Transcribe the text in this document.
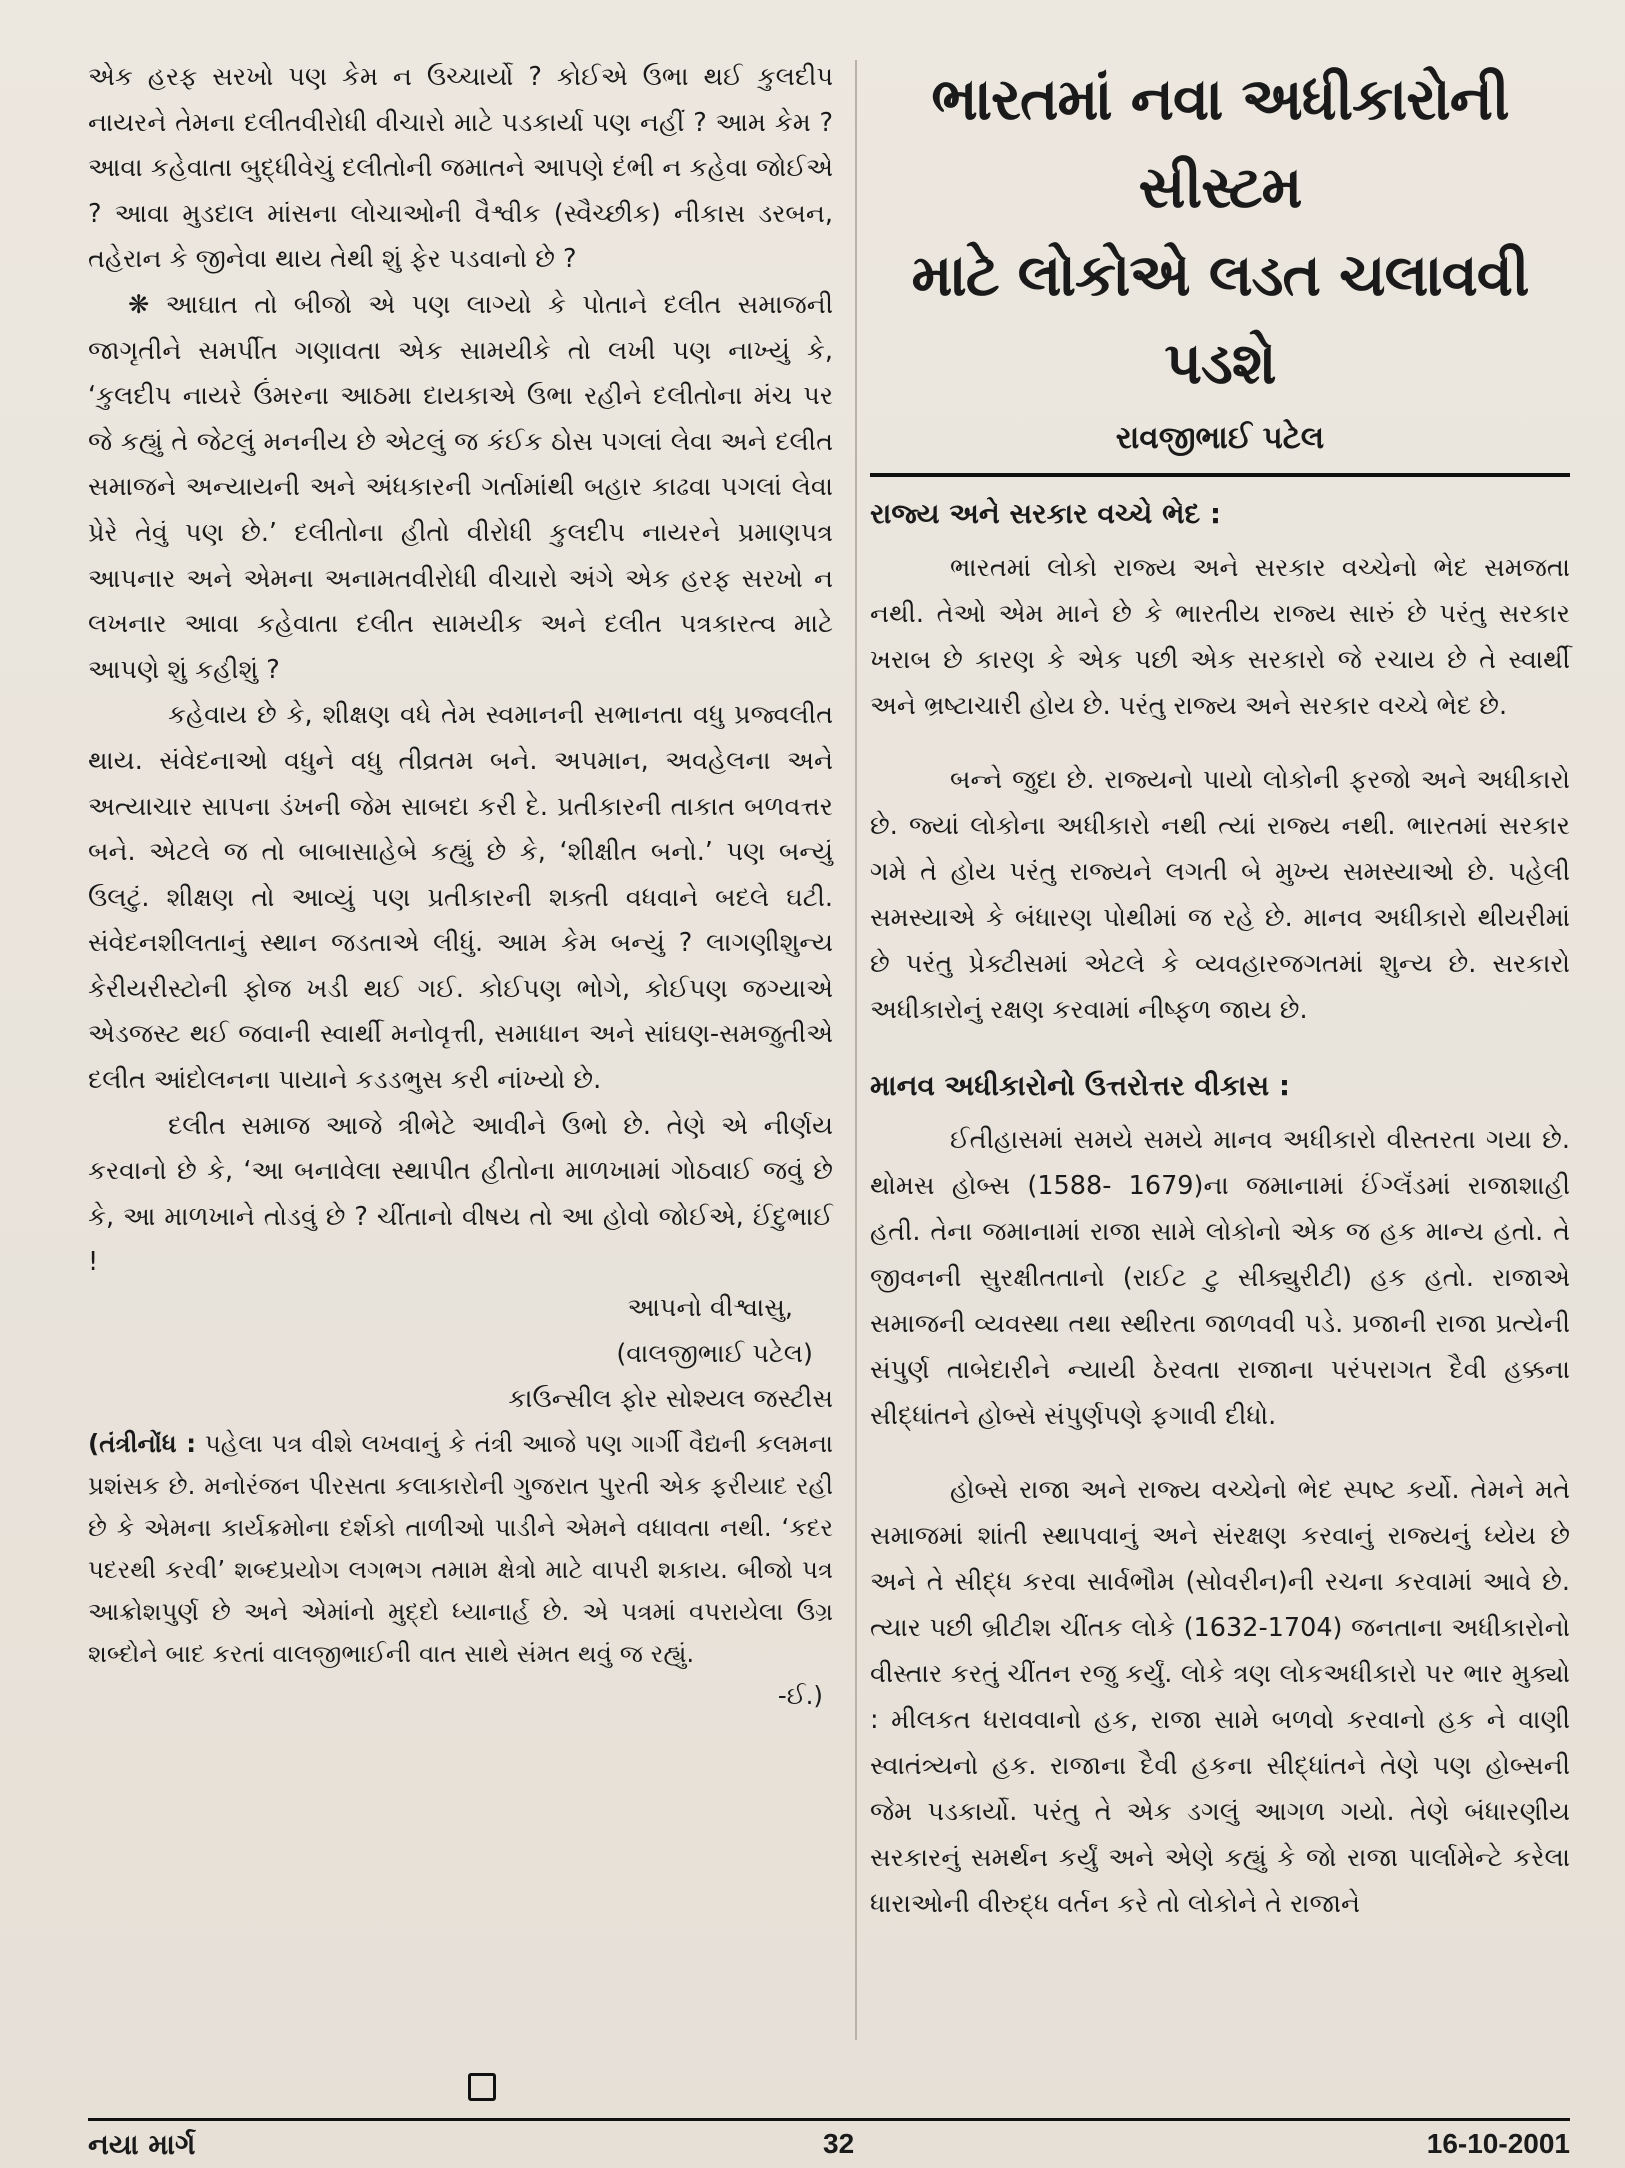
એક હરફ સરખો પણ કેમ ન ઉચ્ચાર્યો ? કોઈએ ઉભા થઈ કુલદીપ નાયરને તેમના દલીતવીરોધી વીચારો માટે પડકાર્યા પણ નહીં ? આમ કેમ ? આવા કહેવાતા બુદ્ધીવેચું દલીતોની જમાતને આપણે દંભી ન કહેવા જોઈએ ? આવા મુડદાલ માંસના લોચાઓની વૈશ્વીક (સ્વૈચ્છીક) નીકાસ ડરબન, તહેરાન કે જીનેવા થાય તેથી શું ફેર પડવાનો છે ?

❋ આઘાત તો બીજો એ પણ લાગ્યો કે પોતાને દલીત સમાજની જાગૃતીને સમર્પીત ગણાવતા એક સામયીકે તો લખી પણ નાખ્યું કે, ‘કુલદીપ નાયરે ઉંમરના આઠમા દાયકાએ ઉભા રહીને દલીતોના મંચ પર જે કહ્યું તે જેટલું મનનીય છે એટલું જ કંઈક ઠોસ પગલાં લેવા અને દલીત સમાજને અન્યાયની અને અંધકારની ગર્તામાંથી બહાર કાઢવા પગલાં લેવા પ્રેરે તેવું પણ છે.’ દલીતોના હીતો વીરોધી કુલદીપ નાયરને પ્રમાણપત્ર આપનાર અને એમના અનામતવીરોધી વીચારો અંગે એક હરફ સરખો ન લખનાર આવા કહેવાતા દલીત સામયીક અને દલીત પત્રકારત્વ માટે આપણે શું કહીશું ?

કહેવાય છે કે, શીક્ષણ વધે તેમ સ્વમાનની સભાનતા વધુ પ્રજ્વલીત થાય. સંવેદનાઓ વધુને વધુ તીવ્રતમ બને. અપમાન, અવહેલના અને અત્યાચાર સાપના ડંખની જેમ સાબદા કરી દે. પ્રતીકારની તાકાત બળવત્તર બને. એટલે જ તો બાબાસાહેબે કહ્યું છે કે, ‘શીક્ષીત બનો.’ પણ બન્યું ઉલટું. શીક્ષણ તો આવ્યું પણ પ્રતીકારની શક્તી વધવાને બદલે ઘટી. સંવેદનશીલતાનું સ્થાન જડતાએ લીધું. આમ કેમ બન્યું ? લાગણીશુન્ય કેરીયરીસ્ટોની ફોજ ખડી થઈ ગઈ. કોઈપણ ભોગે, કોઈપણ જગ્યાએ એડજસ્ટ થઈ જવાની સ્વાર્થી મનોવૃત્તી, સમાધાન અને સાંઘણ-સમજુતીએ દલીત આંદોલનના પાયાને કડડભુસ કરી નાંખ્યો છે.

દલીત સમાજ આજે ત્રીભેટે આવીને ઉભો છે. તેણે એ નીર્ણય કરવાનો છે કે, ‘આ બનાવેલા સ્થાપીત હીતોના માળખામાં ગોઠવાઈ જવું છે કે, આ માળખાને તોડવું છે ? ચીંતાનો વીષય તો આ હોવો જોઈએ, ઈંદુભાઈ !

આપનો વીશ્વાસુ,

(વાલજીભાઈ પટેલ)

કાઉન્સીલ ફોર સોશ્યલ જસ્ટીસ

(તંત્રીનોંધ : પહેલા પત્ર વીશે લખવાનું કે તંત્રી આજે પણ ગાર્ગી વૈદ્યની કલમના પ્રશંસક છે. મનોરંજન પીરસતા કલાકારોની ગુજરાત પુરતી એક ફરીયાદ રહી છે કે એમના કાર્યક્રમોના દર્શકો તાળીઓ પાડીને એમને વધાવતા નથી. ‘કદર પદરથી કરવી’ શબ્દપ્રયોગ લગભગ તમામ ક્ષેત્રો માટે વાપરી શકાય. બીજો પત્ર આક્રોશપુર્ણ છે અને એમાંનો મુદ્દો ધ્યાનાર્હ છે. એ પત્રમાં વપરાયેલા ઉગ્ર શબ્દોને બાદ કરતાં વાલજીભાઈની વાત સાથે સંમત થવું જ રહ્યું.

-ઈ.)

ભારતમાં નવા અધીકારોની સીસ્ટમ
માટે લોકોએ લડત ચલાવવી પડશે
રાવજીભાઈ પટેલ
રાજ્ય અને સરકાર વચ્ચે ભેદ :

ભારતમાં લોકો રાજ્ય અને સરકાર વચ્ચેનો ભેદ સમજતા નથી. તેઓ એમ માને છે કે ભારતીય રાજ્ય સારું છે પરંતુ સરકાર ખરાબ છે કારણ કે એક પછી એક સરકારો જે રચાય છે તે સ્વાર્થી અને ભ્રષ્ટાચારી હોય છે. પરંતુ રાજ્ય અને સરકાર વચ્ચે ભેદ છે.

બન્ને જુદા છે. રાજ્યનો પાયો લોકોની ફરજો અને અધીકારો છે. જ્યાં લોકોના અધીકારો નથી ત્યાં રાજ્ય નથી. ભારતમાં સરકાર ગમે તે હોય પરંતુ રાજ્યને લગતી બે મુખ્ય સમસ્યાઓ છે. પહેલી સમસ્યાએ કે બંધારણ પોથીમાં જ રહે છે. માનવ અધીકારો થીયરીમાં છે પરંતુ પ્રેક્ટીસમાં એટલે કે વ્યવહારજગતમાં શુન્ય છે. સરકારો અધીકારોનું રક્ષણ કરવામાં નીષ્ફળ જાય છે.

માનવ અધીકારોનો ઉત્તરોત્તર વીકાસ :

ઈતીહાસમાં સમયે સમયે માનવ અધીકારો વીસ્તરતા ગયા છે. થોમસ હોબ્સ (1588- 1679)ના જમાનામાં ઈંગ્લૅંડમાં રાજાશાહી હતી. તેના જમાનામાં રાજા સામે લોકોનો એક જ હક માન્ય હતો. તે જીવનની સુરક્ષીતતાનો (રાઈટ ટુ સીક્યુરીટી) હક હતો. રાજાએ સમાજની વ્યવસ્થા તથા સ્થીરતા જાળવવી પડે. પ્રજાની રાજા પ્રત્યેની સંપુર્ણ તાબેદારીને ન્યાયી ઠેરવતા રાજાના પરંપરાગત દૈવી હક્કના સીદ્ધાંતને હોબ્સે સંપુર્ણપણે ફગાવી દીધો.

હોબ્સે રાજા અને રાજ્ય વચ્ચેનો ભેદ સ્પષ્ટ કર્યો. તેમને મતે સમાજમાં શાંતી સ્થાપવાનું અને સંરક્ષણ કરવાનું રાજ્યનું ધ્યેય છે અને તે સીદ્ધ કરવા સાર્વભૌમ (સોવરીન)ની રચના કરવામાં આવે છે. ત્યાર પછી બ્રીટીશ ચીંતક લોકે (1632-1704) જનતાના અધીકારોનો વીસ્તાર કરતું ચીંતન રજુ કર્યું. લોકે ત્રણ લોકઅધીકારો પર ભાર મુક્યો : મીલકત ધરાવવાનો હક, રાજા સામે બળવો કરવાનો હક ને વાણી સ્વાતંત્ર્યનો હક. રાજાના દૈવી હકના સીદ્ધાંતને તેણે પણ હોબ્સની જેમ પડકાર્યો. પરંતુ તે એક ડગલું આગળ ગયો. તેણે બંધારણીય સરકારનું સમર્થન કર્યું અને એણે કહ્યું કે જો રાજા પાર્લામેન્ટે કરેલા ધારાઓની વીરુદ્ધ વર્તન કરે તો લોકોને તે રાજાને

નયા માર્ગ	32	16-10-2001
